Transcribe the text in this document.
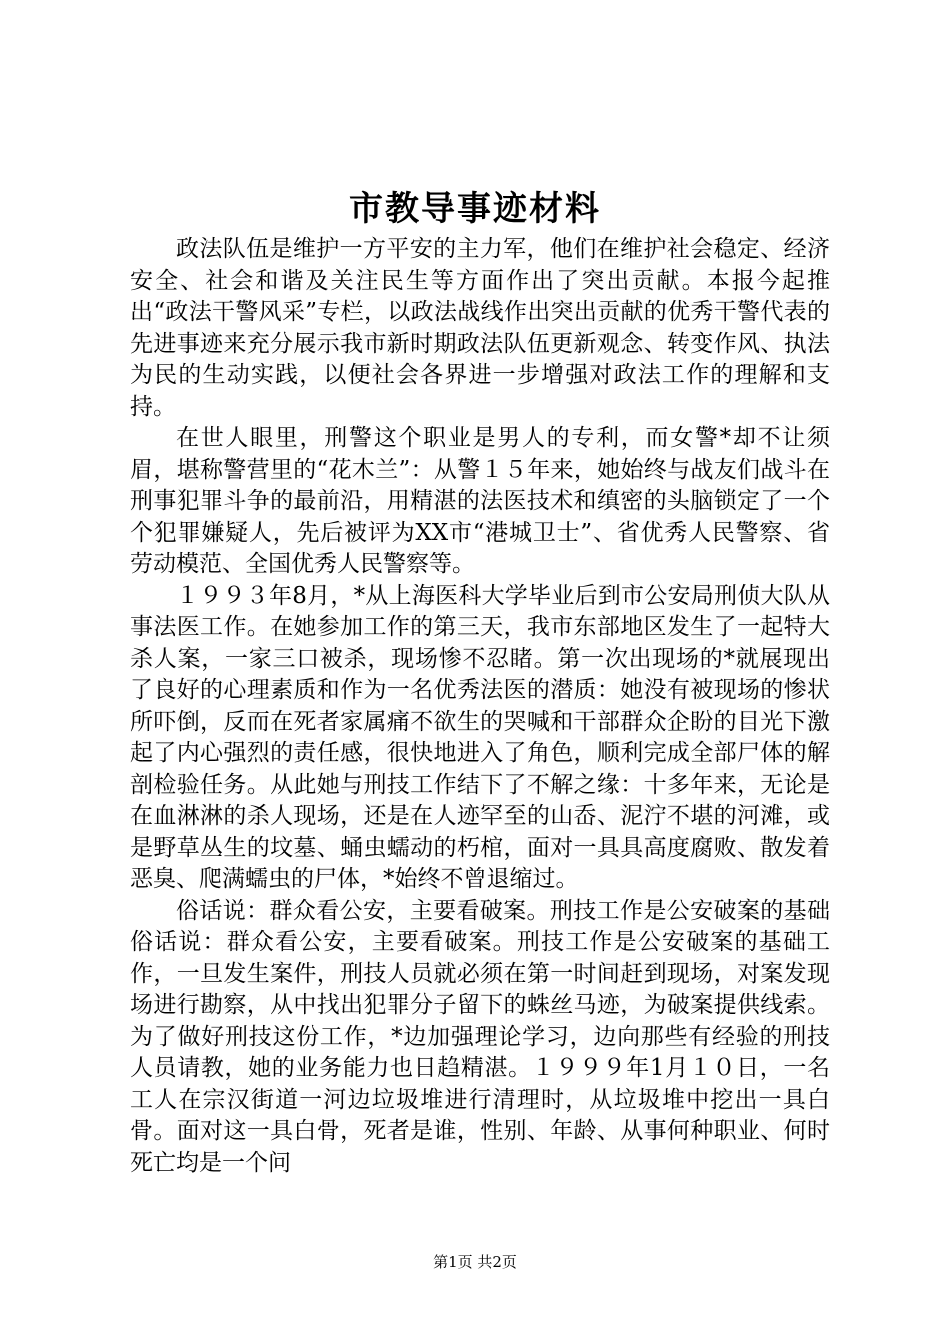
市教导事迹材料

政法队伍是维护一方平安的主力军，他们在维护社会稳定、经济安全、社会和谐及关注民生等方面作出了突出贡献。本报今起推出“政法干警风采”专栏，以政法战线作出突出贡献的优秀干警代表的先进事迹来充分展示我市新时期政法队伍更新观念、转变作风、执法为民的生动实践，以便社会各界进一步增强对政法工作的理解和支持。

在世人眼里，刑警这个职业是男人的专利，而女警*却不让须眉，堪称警营里的“花木兰”：从警１５年来，她始终与战友们战斗在刑事犯罪斗争的最前沿，用精湛的法医技术和缜密的头脑锁定了一个个犯罪嫌疑人，先后被评为XX市“港城卫士”、省优秀人民警察、省劳动模范、全国优秀人民警察等。

１９９３年8月，*从上海医科大学毕业后到市公安局刑侦大队从事法医工作。在她参加工作的第三天，我市东部地区发生了一起特大杀人案，一家三口被杀，现场惨不忍睹。第一次出现场的*就展现出了良好的心理素质和作为一名优秀法医的潜质：她没有被现场的惨状所吓倒，反而在死者家属痛不欲生的哭喊和干部群众企盼的目光下激起了内心强烈的责任感，很快地进入了角色，顺利完成全部尸体的解剖检验任务。从此她与刑技工作结下了不解之缘：十多年来，无论是在血淋淋的杀人现场，还是在人迹罕至的山岙、泥泞不堪的河滩，或是野草丛生的坟墓、蛹虫蠕动的朽棺，面对一具具高度腐败、散发着恶臭、爬满蠕虫的尸体，*始终不曾退缩过。

俗话说：群众看公安，主要看破案。刑技工作是公安破案的基础俗话说：群众看公安，主要看破案。刑技工作是公安破案的基础工作，一旦发生案件，刑技人员就必须在第一时间赶到现场，对案发现场进行勘察，从中找出犯罪分子留下的蛛丝马迹，为破案提供线索。为了做好刑技这份工作，*边加强理论学习，边向那些有经验的刑技人员请教，她的业务能力也日趋精湛。１９９９年1月１０日，一名工人在宗汉街道一河边垃圾堆进行清理时，从垃圾堆中挖出一具白骨。面对这一具白骨，死者是谁，性别、年龄、从事何种职业、何时死亡均是一个问

第1页 共2页
